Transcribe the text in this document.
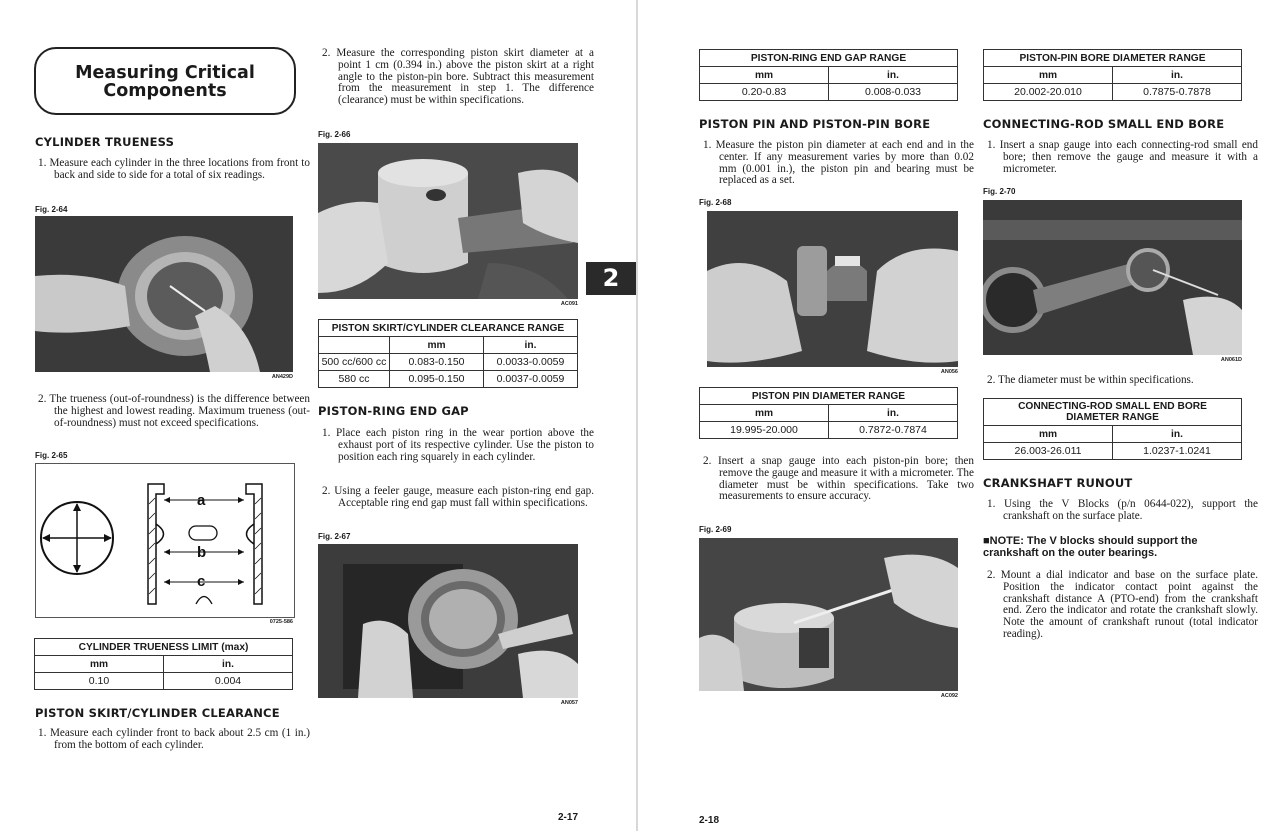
Measuring Critical Components
CYLINDER TRUENESS
1. Measure each cylinder in the three locations from front to back and side to side for a total of six readings.
Fig. 2-64
AN429D
2. The trueness (out-of-roundness) is the difference between the highest and lowest reading. Maximum trueness (out-of-roundness) must not exceed specifications.
Fig. 2-65
a
b
c
0725-586
CYLINDER TRUENESS LIMIT (max)	
mm	in.
0.10	0.004
PISTON SKIRT/CYLINDER CLEARANCE
1. Measure each cylinder front to back about 2.5 cm (1 in.) from the bottom of each cylinder.
2. Measure the corresponding piston skirt diameter at a point 1 cm (0.394 in.) above the piston skirt at a right angle to the piston-pin bore. Subtract this measurement from the measurement in step 1. The difference (clearance) must be within specifications.
Fig. 2-66
AC091
PISTON SKIRT/CYLINDER CLEARANCE RANGE		
	mm	in.
500 cc/600 cc	0.083-0.150	0.0033-0.0059
580 cc	0.095-0.150	0.0037-0.0059
PISTON-RING END GAP
1. Place each piston ring in the wear portion above the exhaust port of its respective cylinder. Use the piston to position each ring squarely in each cylinder.
2. Using a feeler gauge, measure each piston-ring end gap. Acceptable ring end gap must fall within specifications.
Fig. 2-67
AN057
2-17
2
PISTON-RING END GAP RANGE	
mm	in.
0.20-0.83	0.008-0.033
PISTON-PIN BORE DIAMETER RANGE	
mm	in.
20.002-20.010	0.7875-0.7878
PISTON PIN AND PISTON-PIN BORE
1. Measure the piston pin diameter at each end and in the center. If any measurement varies by more than 0.02 mm (0.001 in.), the piston pin and bearing must be replaced as a set.
Fig. 2-68
AN056
PISTON PIN DIAMETER RANGE	
mm	in.
19.995-20.000	0.7872-0.7874
2. Insert a snap gauge into each piston-pin bore; then remove the gauge and measure it with a micrometer. The diameter must be within specifications. Take two measurements to ensure accuracy.
Fig. 2-69
AC092
CONNECTING-ROD SMALL END BORE
1. Insert a snap gauge into each connecting-rod small end bore; then remove the gauge and measure it with a micrometer.
Fig. 2-70
AN061D
2. The diameter must be within specifications.
CONNECTING-ROD SMALL END BORE DIAMETER RANGE	
mm	in.
26.003-26.011	1.0237-1.0241
CRANKSHAFT RUNOUT
1. Using the V Blocks (p/n 0644-022), support the crankshaft on the surface plate.
■NOTE: The V blocks should support the crankshaft on the outer bearings.
2. Mount a dial indicator and base on the surface plate. Position the indicator contact point against the crankshaft distance A (PTO-end) from the crankshaft end. Zero the indicator and rotate the crankshaft slowly. Note the amount of crankshaft runout (total indicator reading).
2-18
